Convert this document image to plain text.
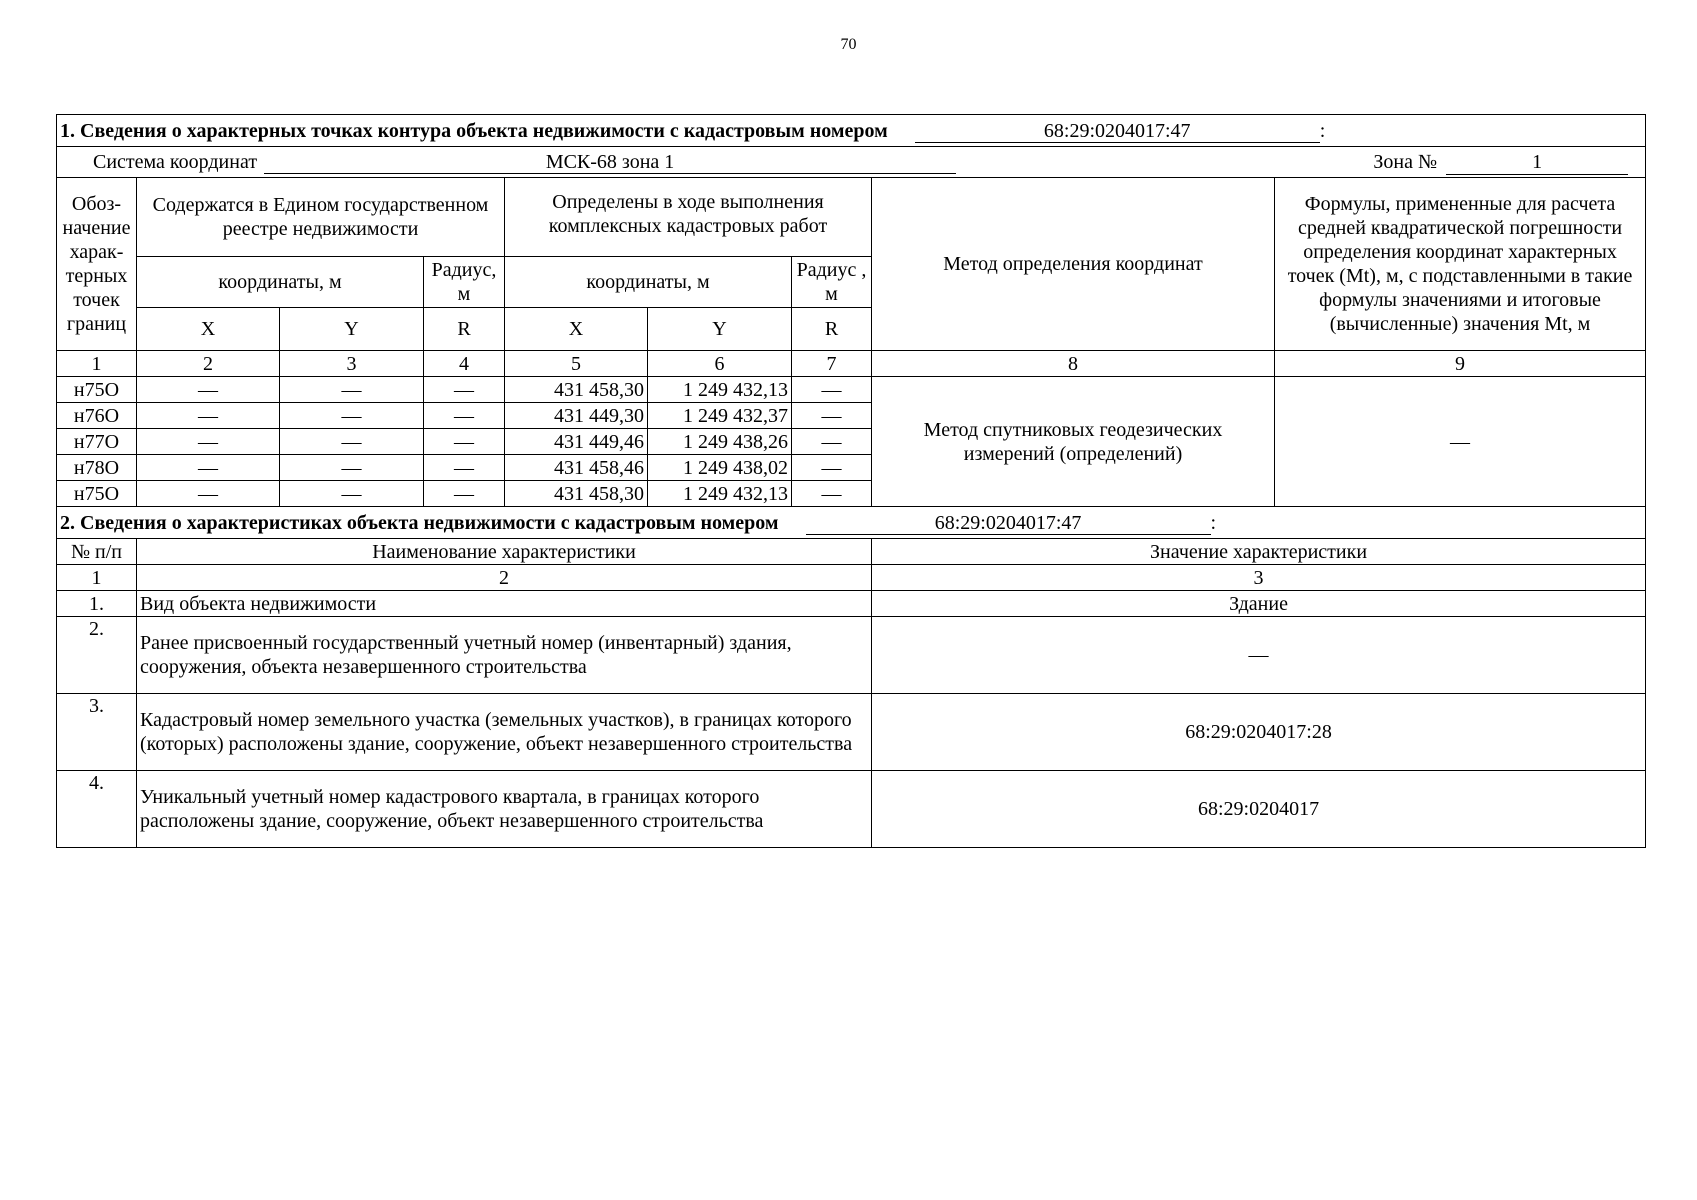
70
1. Сведения о характерных точках контура объекта недвижимости с кадастровым номером 68:29:0204017:47 :								
Система координат МСК-68 зона 1 Зона № 1								

Обоз-начение харак-терных точек границ	Содержатся в Едином государственном реестре недвижимости			Определены в ходе выполнения комплексных кадастровых работ			Метод определения координат	Формулы, примененные для расчета средней квадратической погрешности определения координат характерных точек (Mt), м, с подставленными в такие формулы значениями и итоговые (вычисленные) значения Mt, м
	координаты, м		Радиус, м	координаты, м		Радиус , м		
	X	Y	R	X	Y	R		
1	2	3	4	5	6	7	8	9
н75О	—	—	—	431 458,30	1 249 432,13	—	Метод спутниковых геодезических измерений (определений)	—
н76О	—	—	—	431 449,30	1 249 432,37	—		
н77О	—	—	—	431 449,46	1 249 438,26	—		
н78О	—	—	—	431 458,46	1 249 438,02	—		
н75О	—	—	—	431 458,30	1 249 432,13	—		
2. Сведения о характеристиках объекта недвижимости с кадастровым номером 68:29:0204017:47 :								
№ п/п	Наименование характеристики						Значение характеристики	
1	2						3	
1.	Вид объекта недвижимости						Здание	
2.	Ранее присвоенный государственный учетный номер (инвентарный) здания, сооружения, объекта незавершенного строительства						—	
3.	Кадастровый номер земельного участка (земельных участков), в границах которого (которых) расположены здание, сооружение, объект незавершенного строительства						68:29:0204017:28	
4.	Уникальный учетный номер кадастрового квартала, в границах которого расположены здание, сооружение, объект незавершенного строительства						68:29:0204017	
